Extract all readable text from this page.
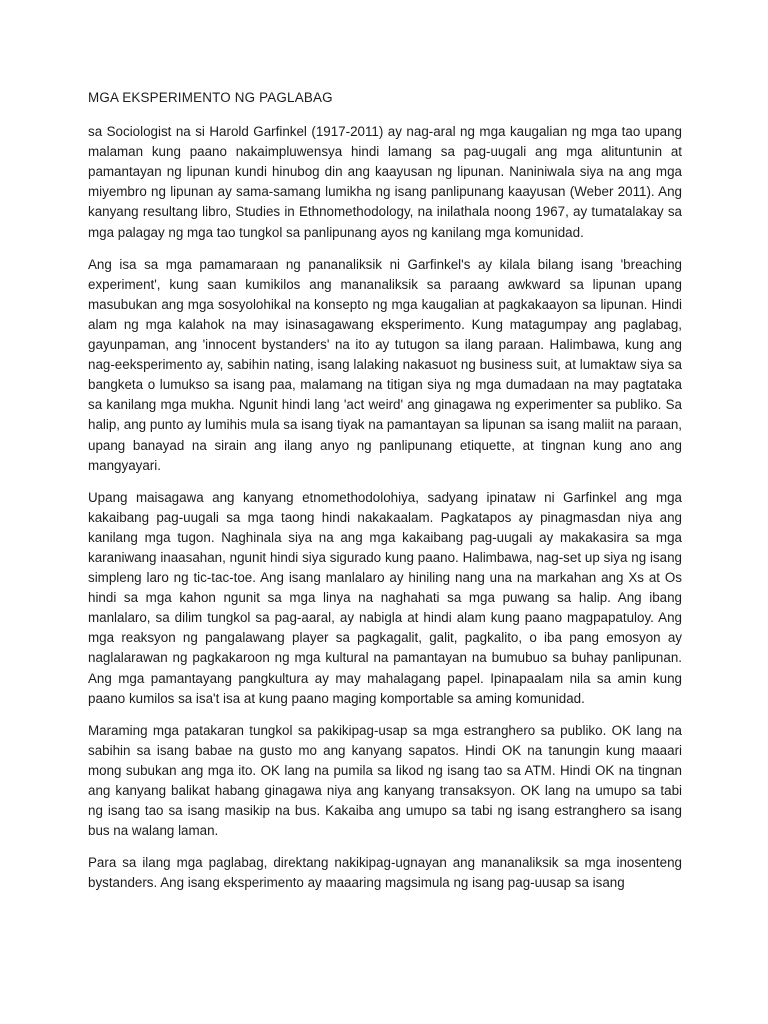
MGA EKSPERIMENTO NG PAGLABAG

sa Sociologist na si Harold Garfinkel (1917-2011) ay nag-aral ng mga kaugalian ng mga tao upang malaman kung paano nakaimpluwensya hindi lamang sa pag-uugali ang mga alituntunin at pamantayan ng lipunan kundi hinubog din ang kaayusan ng lipunan. Naniniwala siya na ang mga miyembro ng lipunan ay sama-samang lumikha ng isang panlipunang kaayusan (Weber 2011). Ang kanyang resultang libro, Studies in Ethnomethodology, na inilathala noong 1967, ay tumatalakay sa mga palagay ng mga tao tungkol sa panlipunang ayos ng kanilang mga komunidad.

Ang isa sa mga pamamaraan ng pananaliksik ni Garfinkel's ay kilala bilang isang 'breaching experiment', kung saan kumikilos ang mananaliksik sa paraang awkward sa lipunan upang masubukan ang mga sosyolohikal na konsepto ng mga kaugalian at pagkakaayon sa lipunan. Hindi alam ng mga kalahok na may isinasagawang eksperimento. Kung matagumpay ang paglabag, gayunpaman, ang 'innocent bystanders' na ito ay tutugon sa ilang paraan. Halimbawa, kung ang nag-eeksperimento ay, sabihin nating, isang lalaking nakasuot ng business suit, at lumaktaw siya sa bangketa o lumukso sa isang paa, malamang na titigan siya ng mga dumadaan na may pagtataka sa kanilang mga mukha. Ngunit hindi lang 'act weird' ang ginagawa ng experimenter sa publiko. Sa halip, ang punto ay lumihis mula sa isang tiyak na pamantayan sa lipunan sa isang maliit na paraan, upang banayad na sirain ang ilang anyo ng panlipunang etiquette, at tingnan kung ano ang mangyayari.

Upang maisagawa ang kanyang etnomethodolohiya, sadyang ipinataw ni Garfinkel ang mga kakaibang pag-uugali sa mga taong hindi nakakaalam. Pagkatapos ay pinagmasdan niya ang kanilang mga tugon. Naghinala siya na ang mga kakaibang pag-uugali ay makakasira sa mga karaniwang inaasahan, ngunit hindi siya sigurado kung paano. Halimbawa, nag-set up siya ng isang simpleng laro ng tic-tac-toe. Ang isang manlalaro ay hiniling nang una na markahan ang Xs at Os hindi sa mga kahon ngunit sa mga linya na naghahati sa mga puwang sa halip. Ang ibang manlalaro, sa dilim tungkol sa pag-aaral, ay nabigla at hindi alam kung paano magpapatuloy. Ang mga reaksyon ng pangalawang player sa pagkagalit, galit, pagkalito, o iba pang emosyon ay naglalarawan ng pagkakaroon ng mga kultural na pamantayan na bumubuo sa buhay panlipunan. Ang mga pamantayang pangkultura ay may mahalagang papel. Ipinapaalam nila sa amin kung paano kumilos sa isa't isa at kung paano maging komportable sa aming komunidad.

Maraming mga patakaran tungkol sa pakikipag-usap sa mga estranghero sa publiko. OK lang na sabihin sa isang babae na gusto mo ang kanyang sapatos. Hindi OK na tanungin kung maaari mong subukan ang mga ito. OK lang na pumila sa likod ng isang tao sa ATM. Hindi OK na tingnan ang kanyang balikat habang ginagawa niya ang kanyang transaksyon. OK lang na umupo sa tabi ng isang tao sa isang masikip na bus. Kakaiba ang umupo sa tabi ng isang estranghero sa isang bus na walang laman.

Para sa ilang mga paglabag, direktang nakikipag-ugnayan ang mananaliksik sa mga inosenteng bystanders. Ang isang eksperimento ay maaaring magsimula ng isang pag-uusap sa isang
